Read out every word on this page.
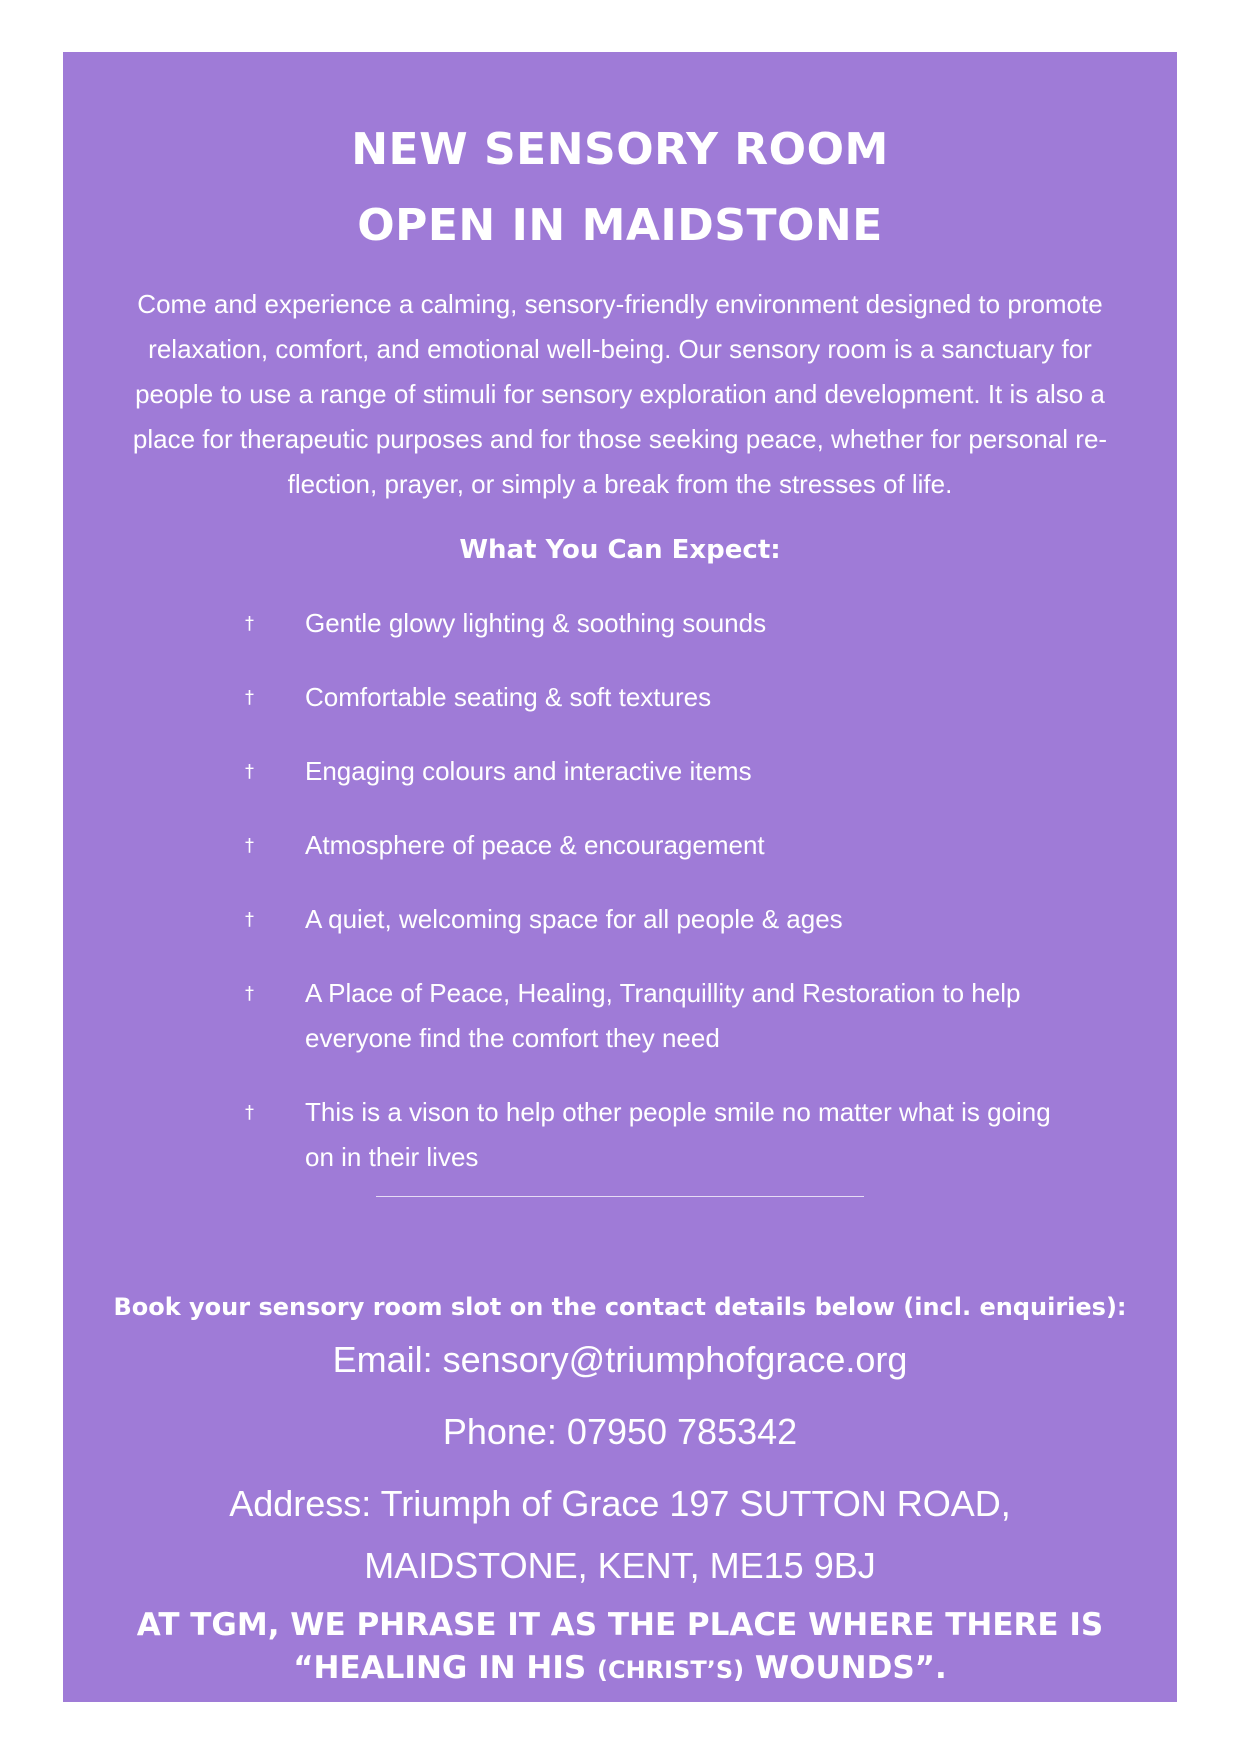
NEW SENSORY ROOM
OPEN IN MAIDSTONE
Come and experience a calming, sensory-friendly environment designed to promote
relaxation, comfort, and emotional well-being. Our sensory room is a sanctuary for
people to use a range of stimuli for sensory exploration and development. It is also a
place for therapeutic purposes and for those seeking peace, whether for personal re-
flection, prayer, or simply a break from the stresses of life.
What You Can Expect:
† Gentle glowy lighting & soothing sounds
† Comfortable seating & soft textures
† Engaging colours and interactive items
† Atmosphere of peace & encouragement
† A quiet, welcoming space for all people & ages
† A Place of Peace, Healing, Tranquillity and Restoration to help
everyone find the comfort they need
† This is a vison to help other people smile no matter what is going
on in their lives
Book your sensory room slot on the contact details below (incl. enquiries):
Email: sensory@triumphofgrace.org
Phone: 07950 785342
Address: Triumph of Grace 197 SUTTON ROAD,
MAIDSTONE, KENT, ME15 9BJ
AT TGM, WE PHRASE IT AS THE PLACE WHERE THERE IS
“HEALING IN HIS (CHRIST’S) WOUNDS”.
